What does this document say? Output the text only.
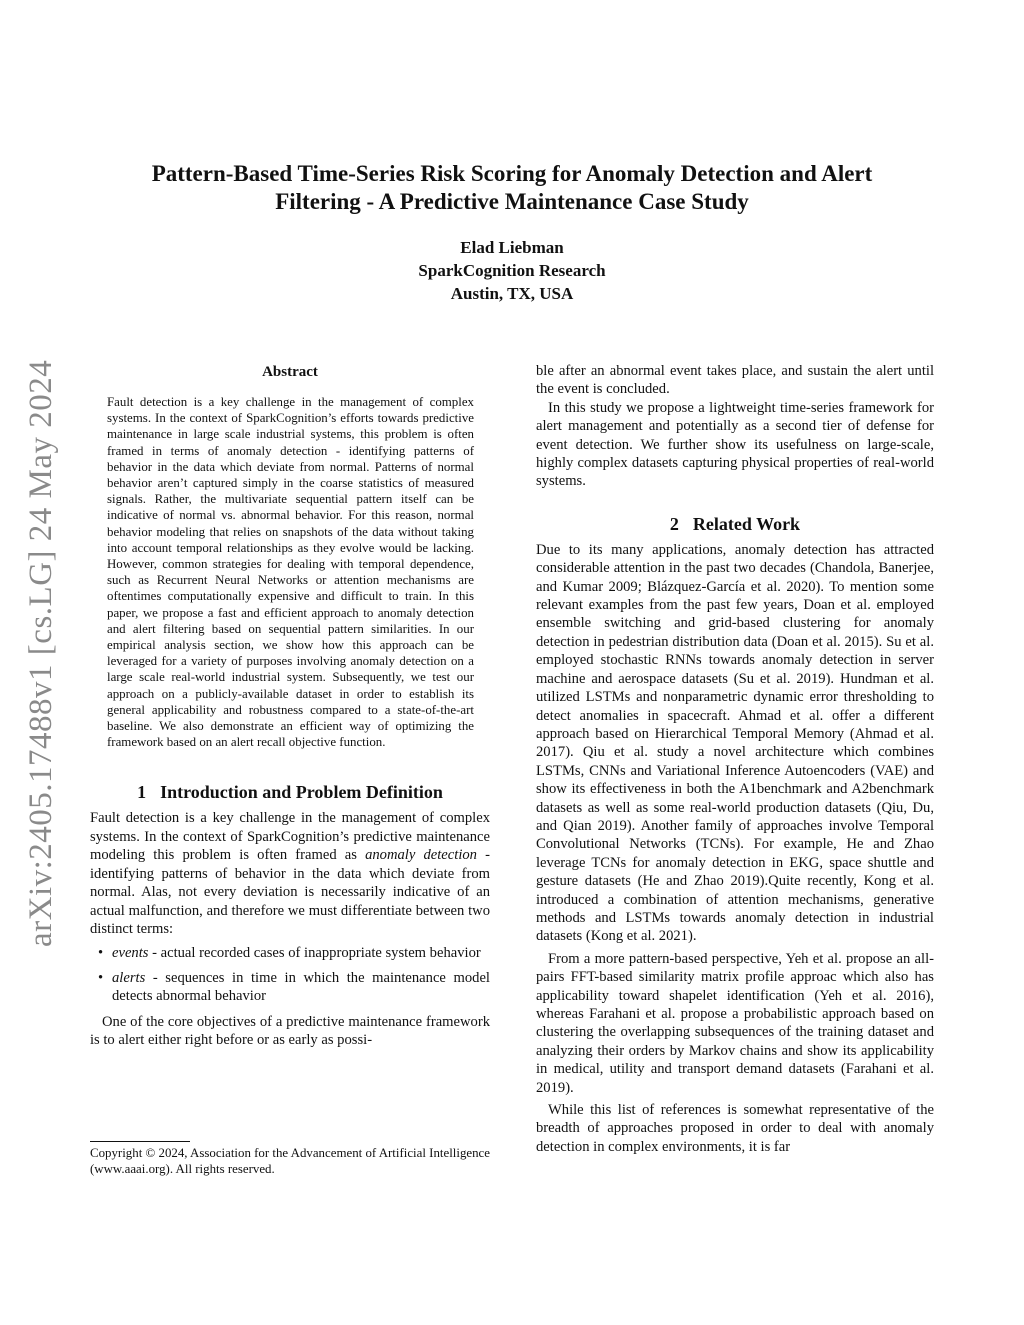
arXiv:2405.17488v1 [cs.LG] 24 May 2024
Pattern-Based Time-Series Risk Scoring for Anomaly Detection and Alert Filtering - A Predictive Maintenance Case Study
Elad Liebman
SparkCognition Research
Austin, TX, USA
Abstract

Fault detection is a key challenge in the management of complex systems. In the context of SparkCognition’s efforts towards predictive maintenance in large scale industrial systems, this problem is often framed in terms of anomaly detection - identifying patterns of behavior in the data which deviate from normal. Patterns of normal behavior aren’t captured simply in the coarse statistics of measured signals. Rather, the multivariate sequential pattern itself can be indicative of normal vs. abnormal behavior. For this reason, normal behavior modeling that relies on snapshots of the data without taking into account temporal relationships as they evolve would be lacking. However, common strategies for dealing with temporal dependence, such as Recurrent Neural Networks or attention mechanisms are oftentimes computationally expensive and difficult to train. In this paper, we propose a fast and efficient approach to anomaly detection and alert filtering based on sequential pattern similarities. In our empirical analysis section, we show how this approach can be leveraged for a variety of purposes involving anomaly detection on a large scale real-world industrial system. Subsequently, we test our approach on a publicly-available dataset in order to establish its general applicability and robustness compared to a state-of-the-art baseline. We also demonstrate an efficient way of optimizing the framework based on an alert recall objective function.

1 Introduction and Problem Definition

Fault detection is a key challenge in the management of complex systems. In the context of SparkCognition’s predictive maintenance modeling this problem is often framed as anomaly detection - identifying patterns of behavior in the data which deviate from normal. Alas, not every deviation is necessarily indicative of an actual malfunction, and therefore we must differentiate between two distinct terms:

• events - actual recorded cases of inappropriate system behavior
• alerts - sequences in time in which the maintenance model detects abnormal behavior

One of the core objectives of a predictive maintenance framework is to alert either right before or as early as possi-

Copyright © 2024, Association for the Advancement of Artificial Intelligence (www.aaai.org). All rights reserved.

ble after an abnormal event takes place, and sustain the alert until the event is concluded.

In this study we propose a lightweight time-series framework for alert management and potentially as a second tier of defense for event detection. We further show its usefulness on large-scale, highly complex datasets capturing physical properties of real-world systems.

2 Related Work

Due to its many applications, anomaly detection has attracted considerable attention in the past two decades (Chandola, Banerjee, and Kumar 2009; Blázquez-García et al. 2020). To mention some relevant examples from the past few years, Doan et al. employed ensemble switching and grid-based clustering for anomaly detection in pedestrian distribution data (Doan et al. 2015). Su et al. employed stochastic RNNs towards anomaly detection in server machine and aerospace datasets (Su et al. 2019). Hundman et al. utilized LSTMs and nonparametric dynamic error thresholding to detect anomalies in spacecraft. Ahmad et al. offer a different approach based on Hierarchical Temporal Memory (Ahmad et al. 2017). Qiu et al. study a novel architecture which combines LSTMs, CNNs and Variational Inference Autoencoders (VAE) and show its effectiveness in both the A1benchmark and A2benchmark datasets as well as some real-world production datasets (Qiu, Du, and Qian 2019). Another family of approaches involve Temporal Convolutional Networks (TCNs). For example, He and Zhao leverage TCNs for anomaly detection in EKG, space shuttle and gesture datasets (He and Zhao 2019).Quite recently, Kong et al. introduced a combination of attention mechanisms, generative methods and LSTMs towards anomaly detection in industrial datasets (Kong et al. 2021).

From a more pattern-based perspective, Yeh et al. propose an all-pairs FFT-based similarity matrix profile approac which also has applicability toward shapelet identification (Yeh et al. 2016), whereas Farahani et al. propose a probabilistic approach based on clustering the overlapping subsequences of the training dataset and analyzing their orders by Markov chains and show its applicability in medical, utility and transport demand datasets (Farahani et al. 2019).

While this list of references is somewhat representative of the breadth of approaches proposed in order to deal with anomaly detection in complex environments, it is far
